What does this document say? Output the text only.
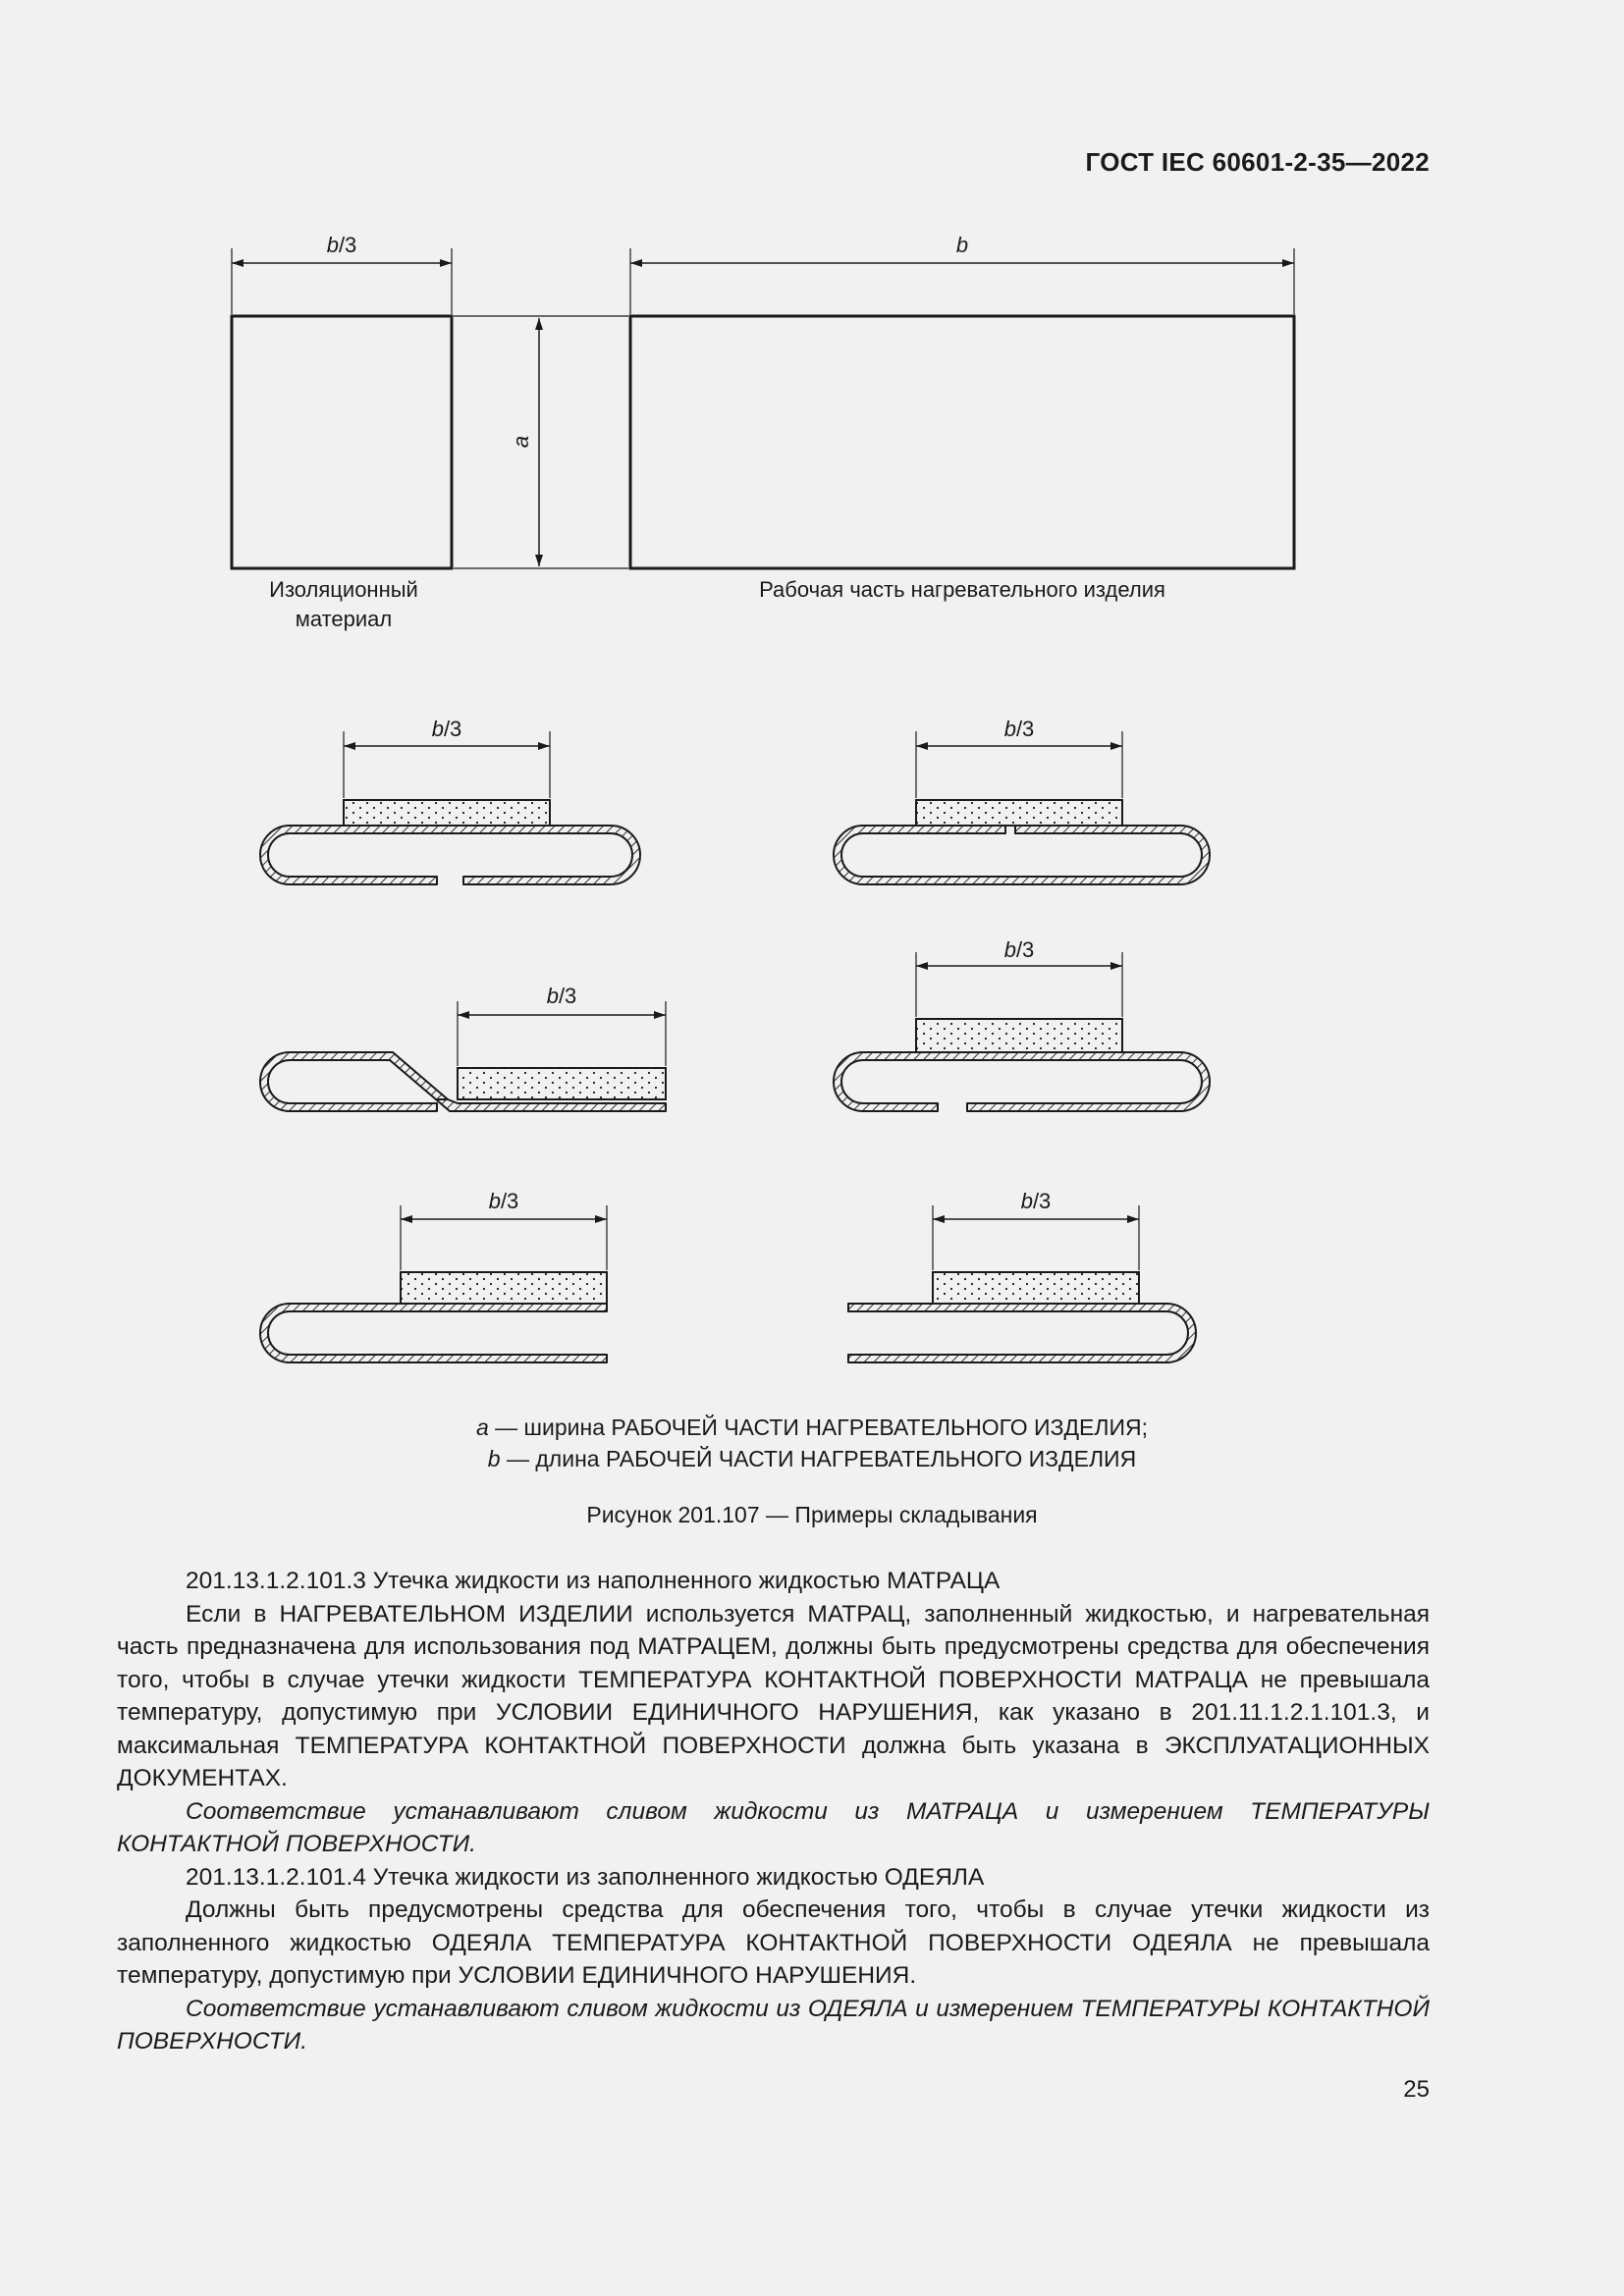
ГОСТ IEC 60601-2-35—2022
b/3	b
a
Изоляционный
материал
Рабочая часть нагревательного изделия
b/3	b/3
b/3
b/3
b/3	b/3
a — ширина РАБОЧЕЙ ЧАСТИ НАГРЕВАТЕЛЬНОГО ИЗДЕЛИЯ;
b — длина РАБОЧЕЙ ЧАСТИ НАГРЕВАТЕЛЬНОГО ИЗДЕЛИЯ
Рисунок 201.107 — Примеры складывания

201.13.1.2.101.3 Утечка жидкости из наполненного жидкостью МАТРАЦА

Если в НАГРЕВАТЕЛЬНОМ ИЗДЕЛИИ используется МАТРАЦ, заполненный жидкостью, и нагревательная часть предназначена для использования под МАТРАЦЕМ, должны быть предусмотрены средства для обеспечения того, чтобы в случае утечки жидкости ТЕМПЕРАТУРА КОНТАКТНОЙ ПОВЕРХНОСТИ МАТРАЦА не превышала температуру, допустимую при УСЛОВИИ ЕДИНИЧНОГО НАРУШЕНИЯ, как указано в 201.11.1.2.1.101.3, и максимальная ТЕМПЕРАТУРА КОНТАКТНОЙ ПОВЕРХНОСТИ должна быть указана в ЭКСПЛУАТАЦИОННЫХ ДОКУМЕНТАХ.

Соответствие устанавливают сливом жидкости из МАТРАЦА и измерением ТЕМПЕРАТУРЫ КОНТАКТНОЙ ПОВЕРХНОСТИ.

201.13.1.2.101.4 Утечка жидкости из заполненного жидкостью ОДЕЯЛА

Должны быть предусмотрены средства для обеспечения того, чтобы в случае утечки жидкости из заполненного жидкостью ОДЕЯЛА ТЕМПЕРАТУРА КОНТАКТНОЙ ПОВЕРХНОСТИ ОДЕЯЛА не превышала температуру, допустимую при УСЛОВИИ ЕДИНИЧНОГО НАРУШЕНИЯ.

Соответствие устанавливают сливом жидкости из ОДЕЯЛА и измерением ТЕМПЕРАТУРЫ КОНТАКТНОЙ ПОВЕРХНОСТИ.

25
